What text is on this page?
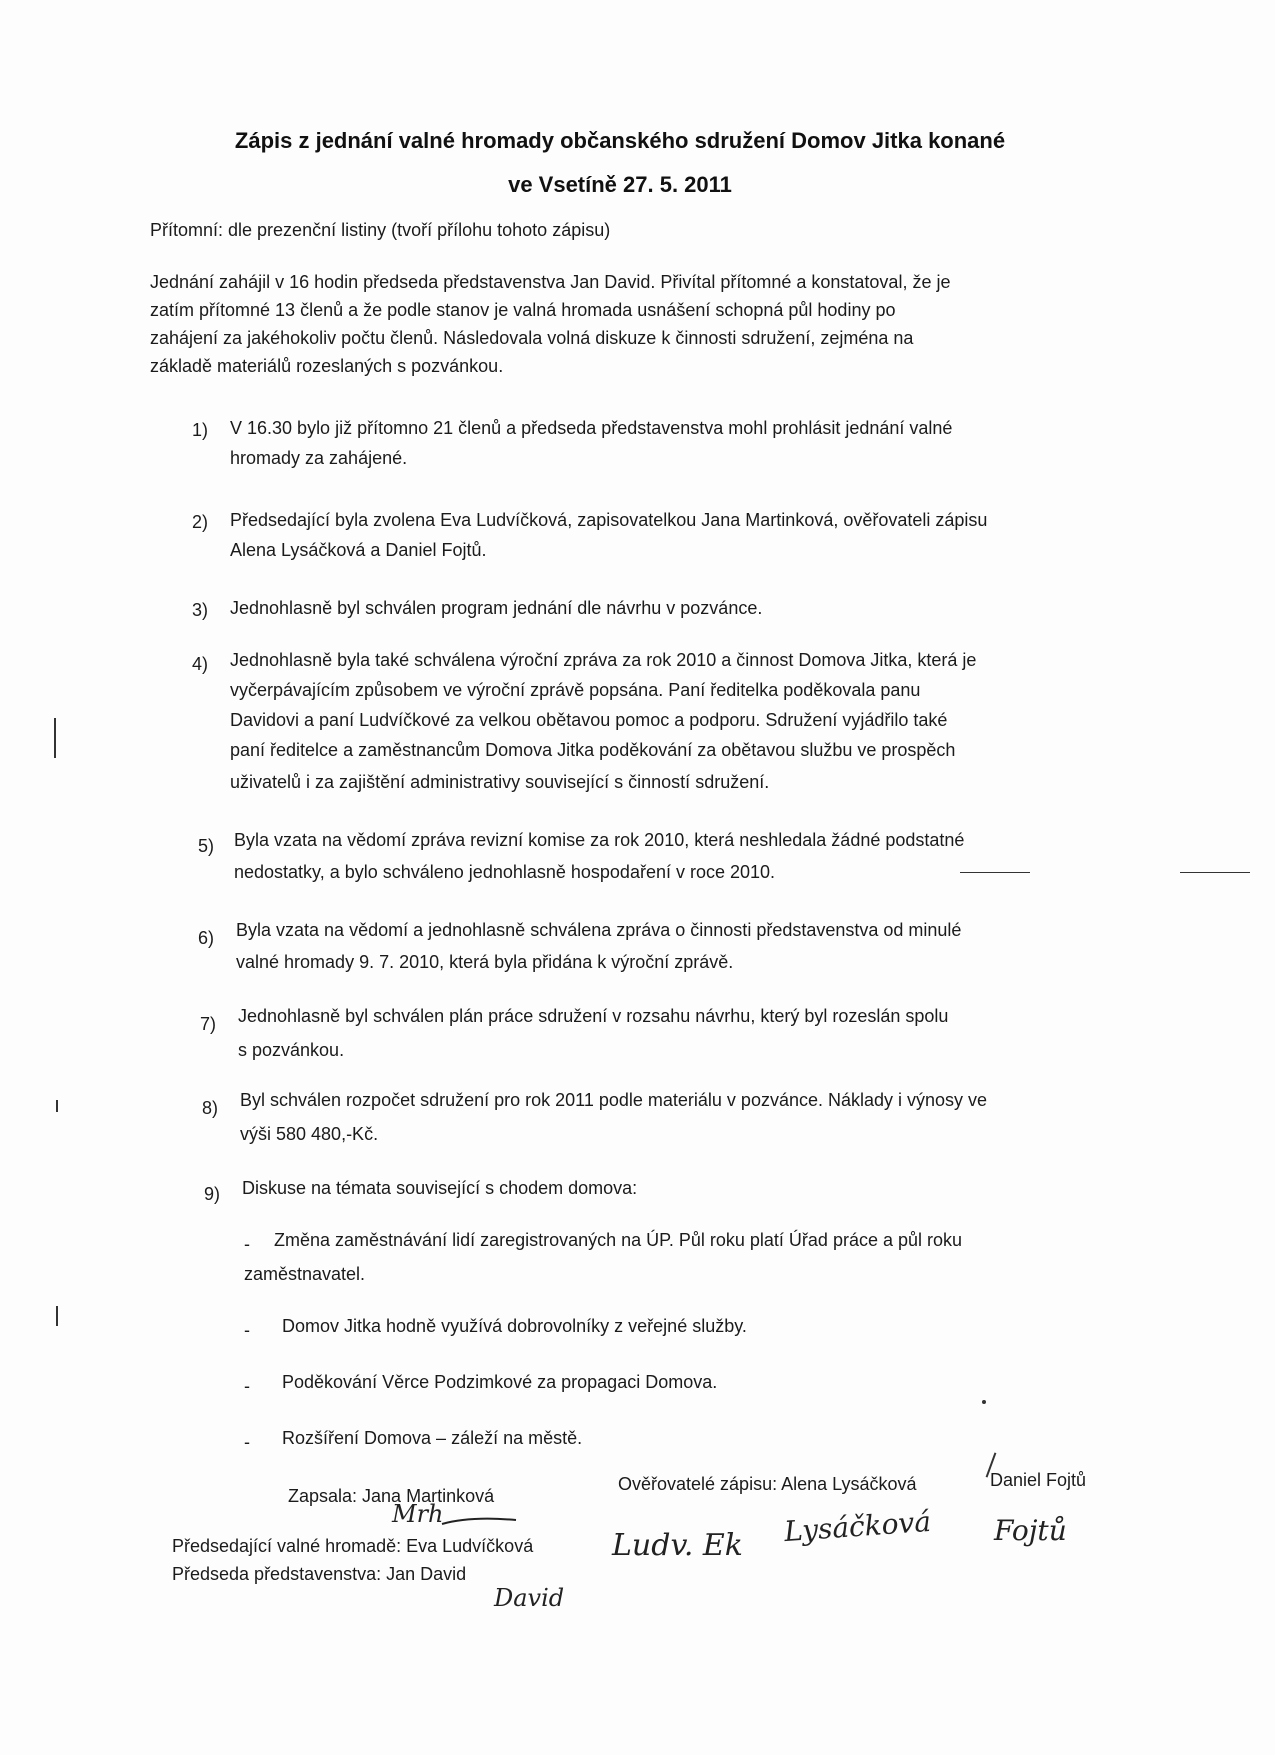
Zápis z jednání valné hromady občanského sdružení Domov Jitka konané
ve Vsetíně 27. 5. 2011
Přítomní: dle prezenční listiny (tvoří přílohu tohoto zápisu)
Jednání zahájil v 16 hodin předseda představenstva Jan David. Přivítal přítomné a konstatoval, že je
zatím přítomné 13 členů a že podle stanov je valná hromada usnášení schopná půl hodiny po
zahájení za jakéhokoliv počtu členů. Následovala volná diskuze k činnosti sdružení, zejména na
základě materiálů rozeslaných s pozvánkou.
1) V 16.30 bylo již přítomno 21 členů a předseda představenstva mohl prohlásit jednání valné
hromady za zahájené.
2) Předsedající byla zvolena Eva Ludvíčková, zapisovatelkou Jana Martinková, ověřovateli zápisu
Alena Lysáčková a Daniel Fojtů.
3) Jednohlasně byl schválen program jednání dle návrhu v pozvánce.
4) Jednohlasně byla také schválena výroční zpráva za rok 2010 a činnost Domova Jitka, která je
vyčerpávajícím způsobem ve výroční zprávě popsána. Paní ředitelka poděkovala panu
Davidovi a paní Ludvíčkové za velkou obětavou pomoc a podporu. Sdružení vyjádřilo také
paní ředitelce a zaměstnancům Domova Jitka poděkování za obětavou službu ve prospěch
uživatelů i za zajištění administrativy související s činností sdružení.
5) Byla vzata na vědomí zpráva revizní komise za rok 2010, která neshledala žádné podstatné
nedostatky, a bylo schváleno jednohlasně hospodaření v roce 2010.
6) Byla vzata na vědomí a jednohlasně schválena zpráva o činnosti představenstva od minulé
valné hromady 9. 7. 2010, která byla přidána k výroční zprávě.
7) Jednohlasně byl schválen plán práce sdružení v rozsahu návrhu, který byl rozeslán spolu
s pozvánkou.
8) Byl schválen rozpočet sdružení pro rok 2011 podle materiálu v pozvánce. Náklady i výnosy ve
výši 580 480,-Kč.
9) Diskuse na témata související s chodem domova:
- Změna zaměstnávání lidí zaregistrovaných na ÚP. Půl roku platí Úřad práce a půl roku
zaměstnavatel.
- Domov Jitka hodně využívá dobrovolníky z veřejné služby.
- Poděkování Věrce Podzimkové za propagaci Domova.
- Rozšíření Domova – záleží na městě.
Zapsala: Jana Martinková
Ověřovatelé zápisu: Alena Lysáčková	Daniel Fojtů
Předsedající valné hromadě: Eva Ludvíčková
Předseda představenstva: Jan David
Mrh
Ludv. Ek Lysáčková Fojtů
David
